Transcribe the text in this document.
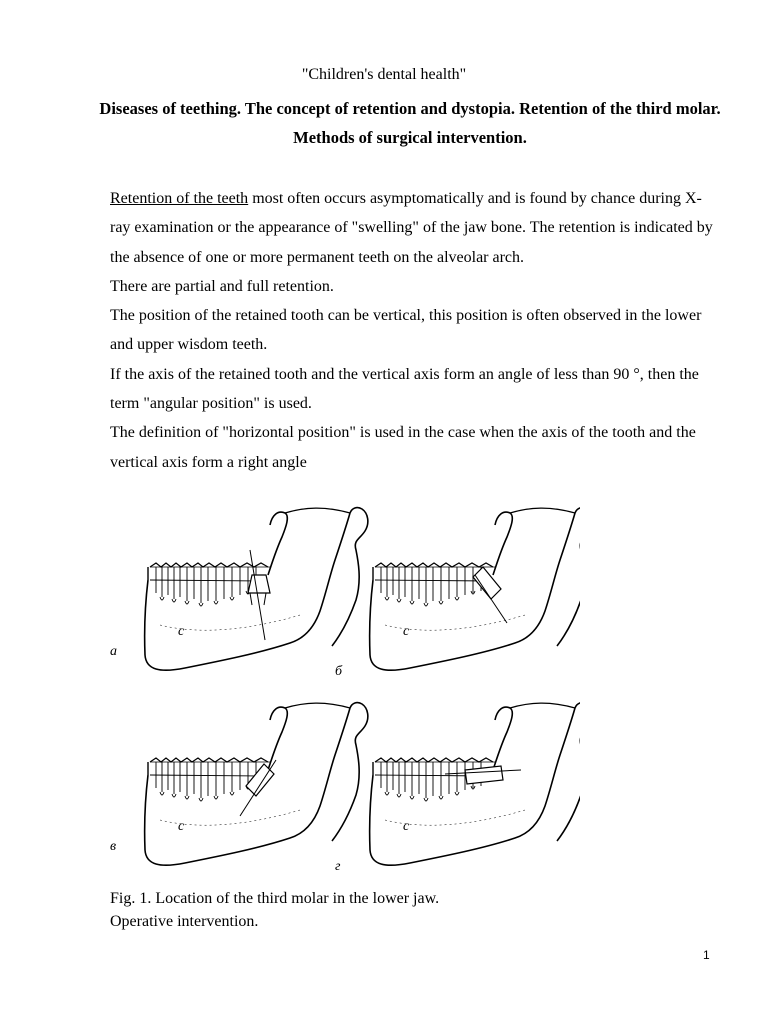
"Children's dental health"
Diseases of teething. The concept of retention and dystopia. Retention of the third molar. Methods of surgical intervention.

Retention of the teeth most often occurs asymptomatically and is found by chance during X-ray examination or the appearance of "swelling" of the jaw bone. The retention is indicated by the absence of one or more permanent teeth on the alveolar arch.

There are partial and full retention.

The position of the retained tooth can be vertical, this position is often observed in the lower and upper wisdom teeth.

If the axis of the retained tooth and the vertical axis form an angle of less than 90 °, then the term "angular position" is used.

The definition of "horizontal position" is used in the case when the axis of the tooth and the vertical axis form a right angle

с
а
с
б
с
в
с
г
Fig. 1. Location of the third molar in the lower jaw.
Operative intervention.
1
